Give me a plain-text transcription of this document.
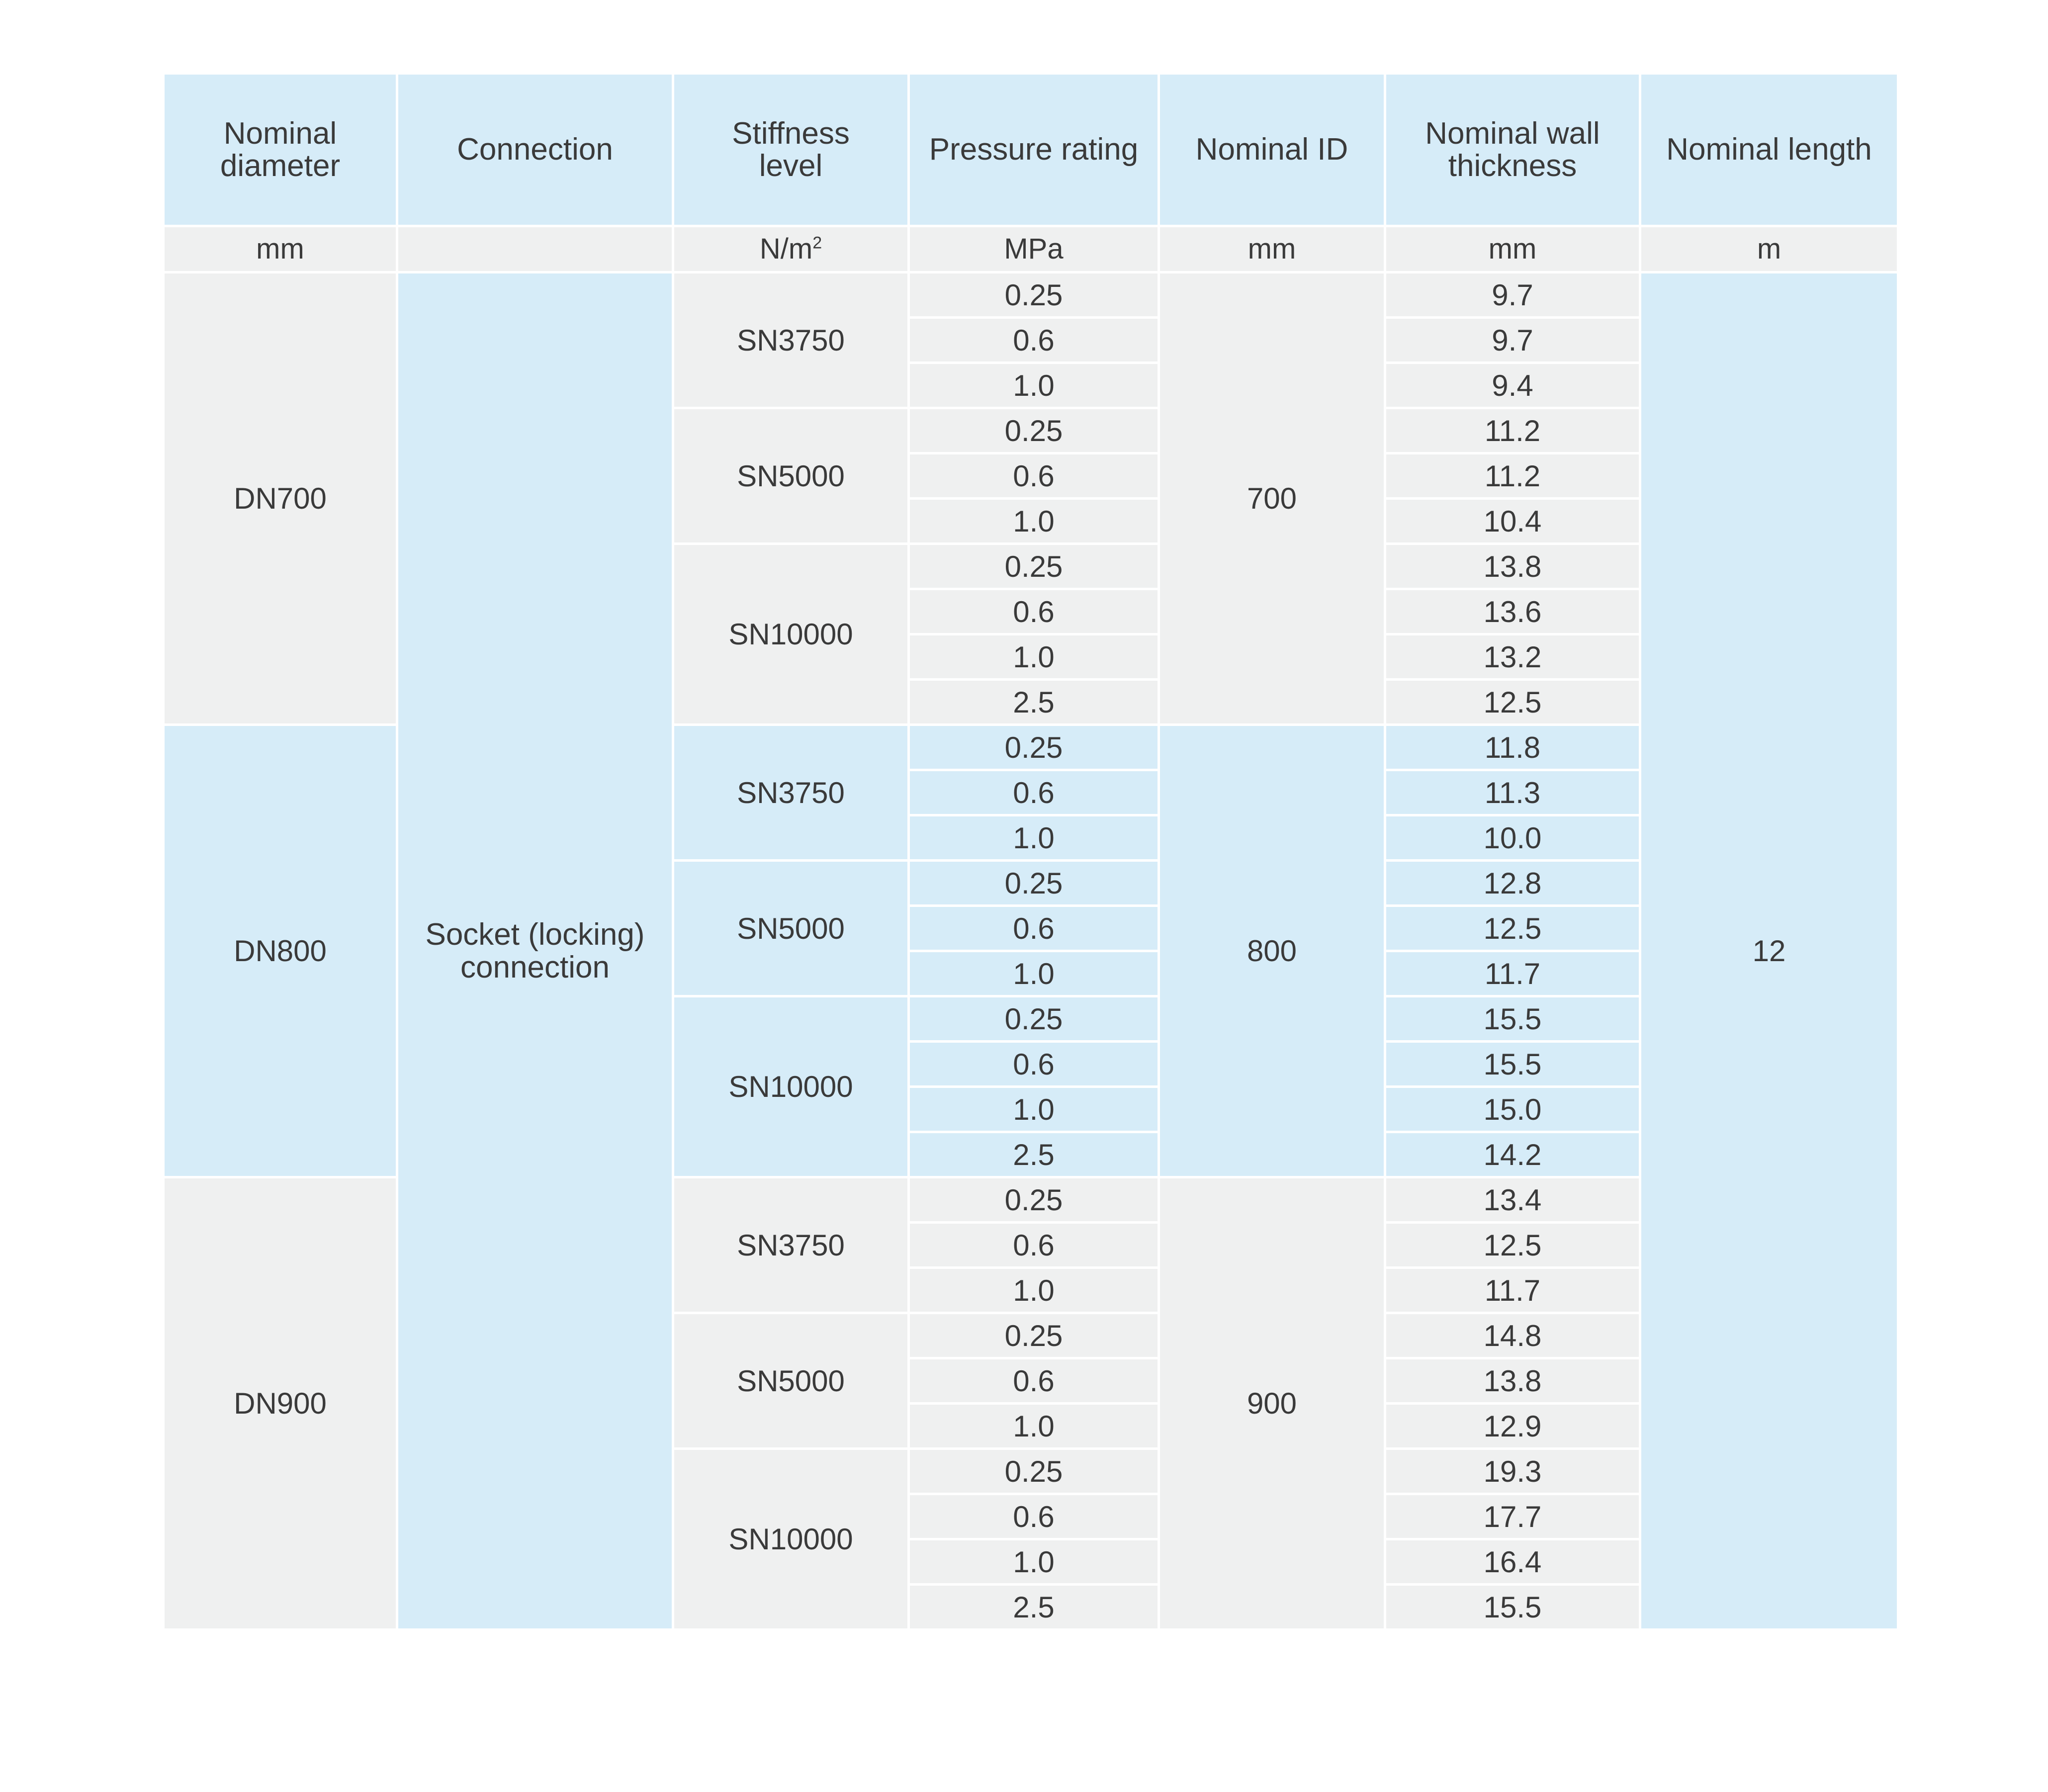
Nominal diameter	Connection	Stiffness level	Pressure rating	Nominal ID	Nominal wall thickness	Nominal length
mm		$N/m^2$	MPa	mm	mm	m
DN700	Socket (locking) connection	SN3750	0.25	700	9.7	12
			0.6		9.7	
			1.0		9.4	
		SN5000	0.25		11.2	
			0.6		11.2	
			1.0		10.4	
		SN10000	0.25		13.8	
			0.6		13.6	
			1.0		13.2	
			2.5		12.5	
DN800		SN3750	0.25	800	11.8	
			0.6		11.3	
			1.0		10.0	
		SN5000	0.25		12.8	
			0.6		12.5	
			1.0		11.7	
		SN10000	0.25		15.5	
			0.6		15.5	
			1.0		15.0	
			2.5		14.2	
DN900		SN3750	0.25	900	13.4	
			0.6		12.5	
			1.0		11.7	
		SN5000	0.25		14.8	
			0.6		13.8	
			1.0		12.9	
		SN10000	0.25		19.3	
			0.6		17.7	
			1.0		16.4	
			2.5		15.5	
